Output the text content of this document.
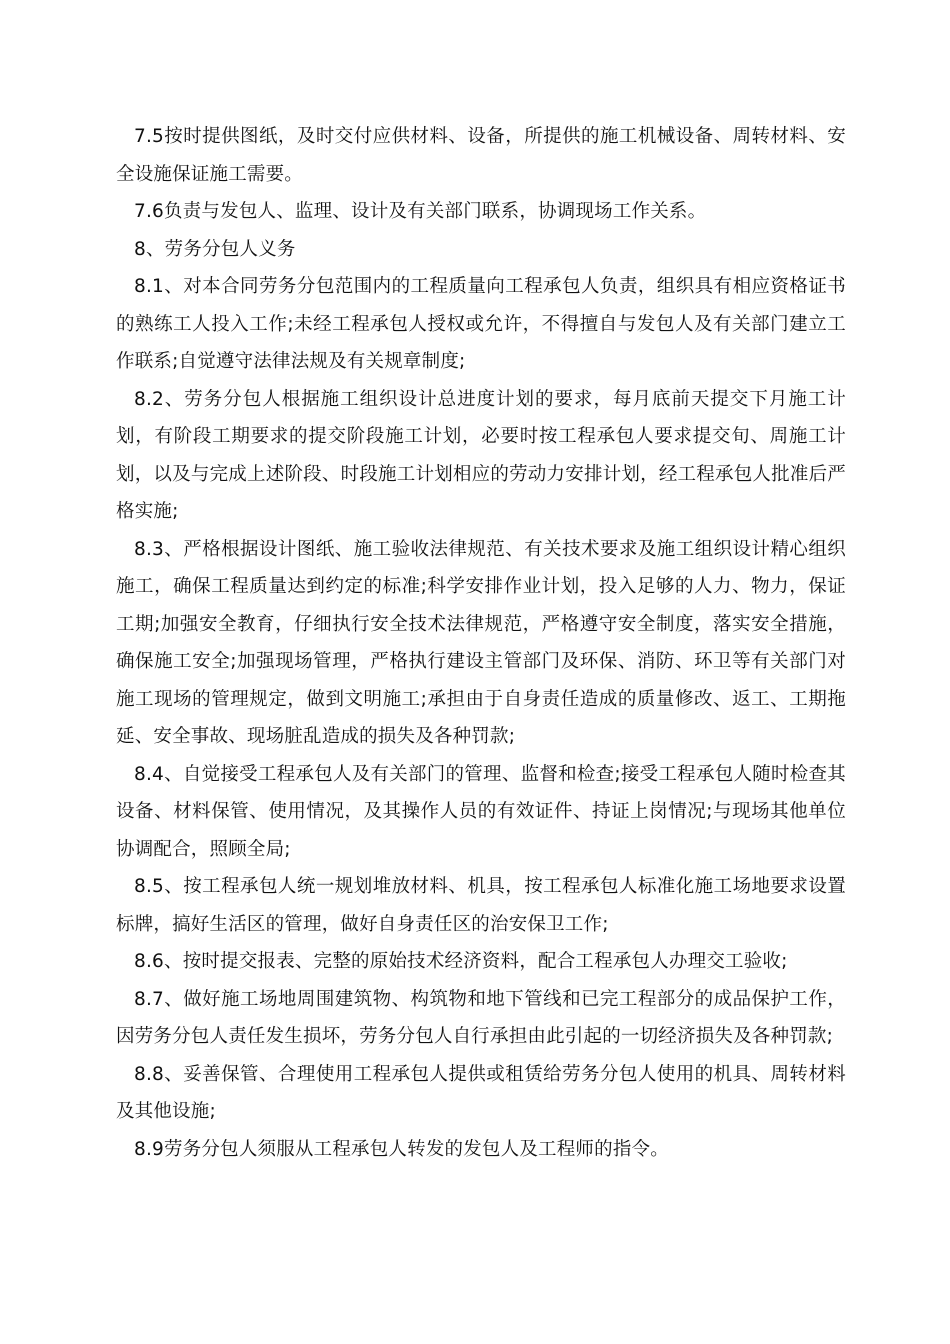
7.5按时提供图纸，及时交付应供材料、设备，所提供的施工机械设备、周转材料、安全设施保证施工需要。

7.6负责与发包人、监理、设计及有关部门联系，协调现场工作关系。

8、劳务分包人义务

8.1、对本合同劳务分包范围内的工程质量向工程承包人负责，组织具有相应资格证书的熟练工人投入工作;未经工程承包人授权或允许，不得擅自与发包人及有关部门建立工作联系;自觉遵守法律法规及有关规章制度;

8.2、劳务分包人根据施工组织设计总进度计划的要求，每月底前天提交下月施工计划，有阶段工期要求的提交阶段施工计划，必要时按工程承包人要求提交旬、周施工计划，以及与完成上述阶段、时段施工计划相应的劳动力安排计划，经工程承包人批准后严格实施;

8.3、严格根据设计图纸、施工验收法律规范、有关技术要求及施工组织设计精心组织施工，确保工程质量达到约定的标准;科学安排作业计划，投入足够的人力、物力，保证工期;加强安全教育，仔细执行安全技术法律规范，严格遵守安全制度，落实安全措施，确保施工安全;加强现场管理，严格执行建设主管部门及环保、消防、环卫等有关部门对施工现场的管理规定，做到文明施工;承担由于自身责任造成的质量修改、返工、工期拖延、安全事故、现场脏乱造成的损失及各种罚款;

8.4、自觉接受工程承包人及有关部门的管理、监督和检查;接受工程承包人随时检查其设备、材料保管、使用情况，及其操作人员的有效证件、持证上岗情况;与现场其他单位协调配合，照顾全局;

8.5、按工程承包人统一规划堆放材料、机具，按工程承包人标准化施工场地要求设置标牌，搞好生活区的管理，做好自身责任区的治安保卫工作;

8.6、按时提交报表、完整的原始技术经济资料，配合工程承包人办理交工验收;

8.7、做好施工场地周围建筑物、构筑物和地下管线和已完工程部分的成品保护工作，因劳务分包人责任发生损坏，劳务分包人自行承担由此引起的一切经济损失及各种罚款;

8.8、妥善保管、合理使用工程承包人提供或租赁给劳务分包人使用的机具、周转材料及其他设施;

8.9劳务分包人须服从工程承包人转发的发包人及工程师的指令。
